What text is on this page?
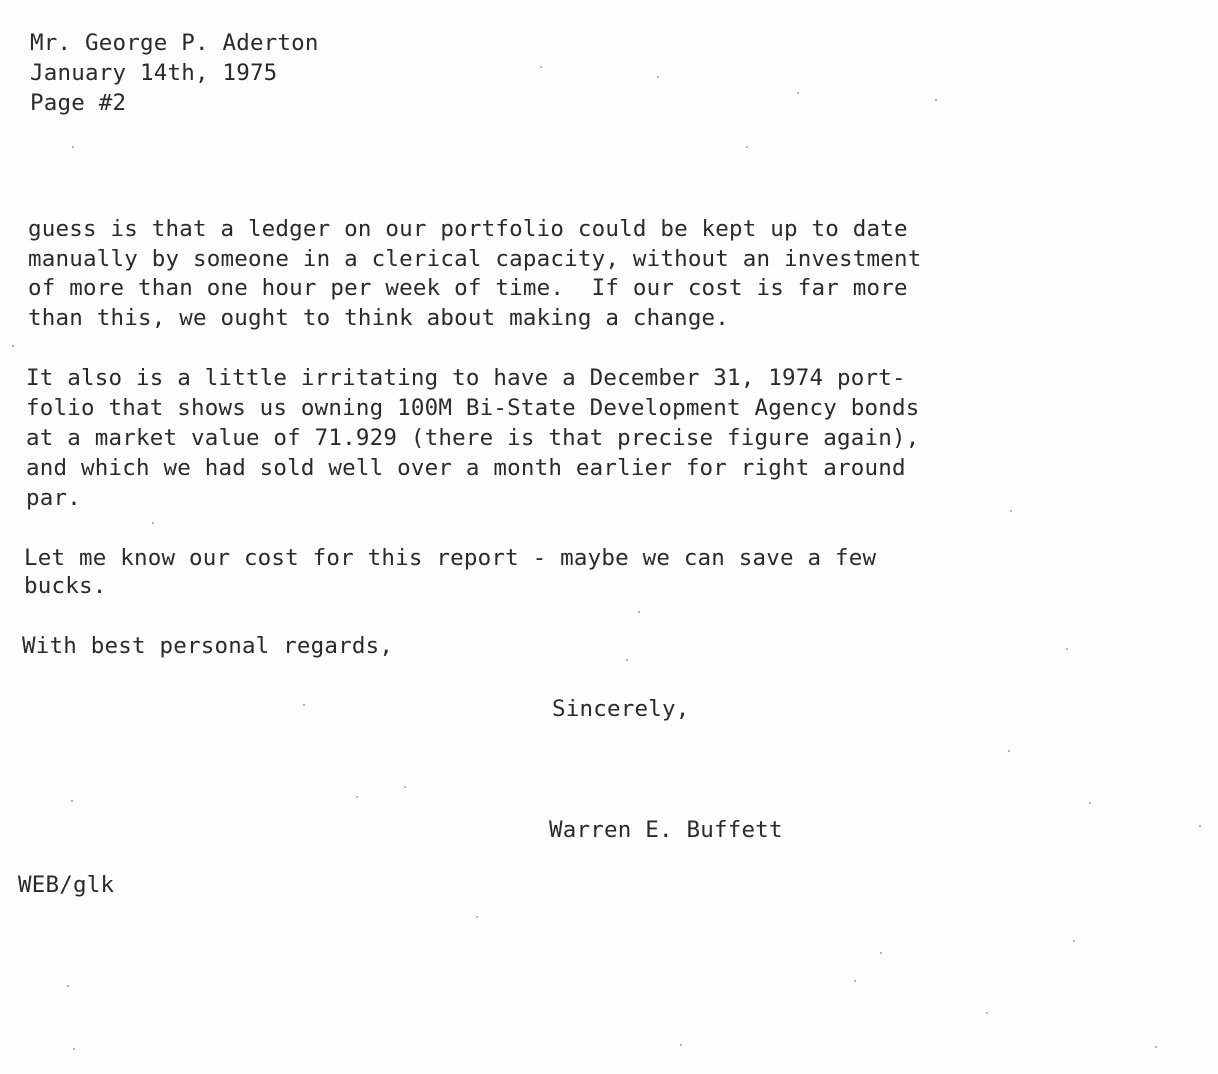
Mr. George P. Aderton

January 14th, 1975

Page #2

guess is that a ledger on our portfolio could be kept up to date

manually by someone in a clerical capacity, without an investment

of more than one hour per week of time.  If our cost is far more

than this, we ought to think about making a change.

It also is a little irritating to have a December 31, 1974 port-

folio that shows us owning 100M Bi-State Development Agency bonds

at a market value of 71.929 (there is that precise figure again),

and which we had sold well over a month earlier for right around

par.

Let me know our cost for this report - maybe we can save a few

bucks.

With best personal regards,

Sincerely,

Warren E. Buffett

WEB/glk
